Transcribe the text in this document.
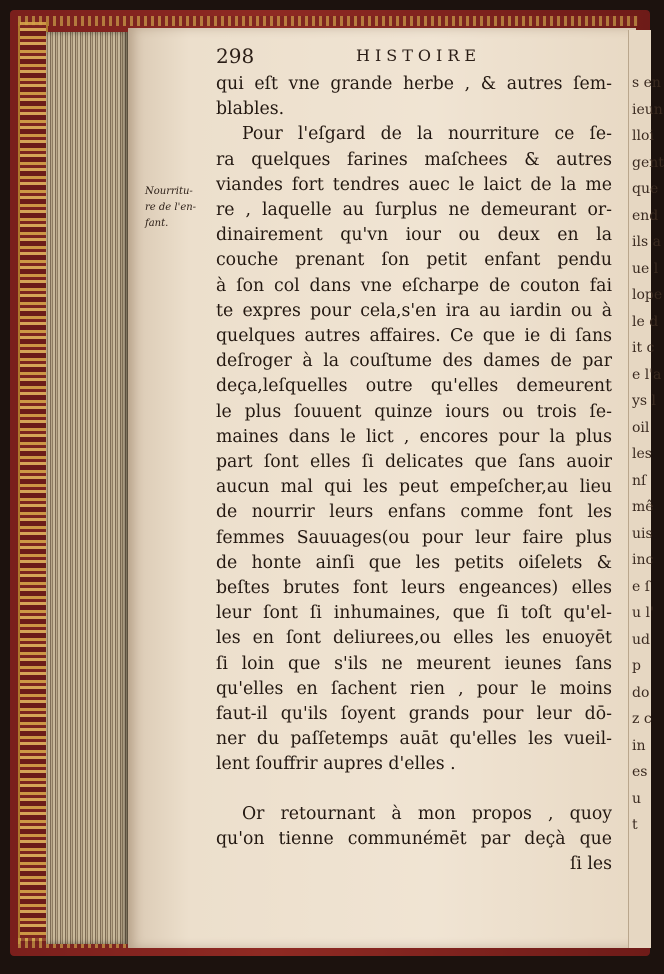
s en
ieun
lloi
gent
que
end
ils a
ue l
lope
le d
it c
e l'a
ys l
oil
les
nſ
mê
uis
inc
e ſ
u l'
ud
p
do
z c
in
es
u
t
298	HISTOIRE
Nourritu-
re de l'en-
fant.
qui eſt vne grande herbe , & autres ſem-
blables.
Pour l'eſgard de la nourriture ce ſe-
ra quelques farines maſchees & autres
viandes fort tendres auec le laict de la me
re , laquelle au ſurplus ne demeurant or-
dinairement qu'vn iour ou deux en la
couche prenant ſon petit enfant pendu
à ſon col dans vne eſcharpe de couton fai
te expres pour cela,s'en ira au iardin ou à
quelques autres affaires. Ce que ie di ſans
deſroger à la couſtume des dames de par
deça,leſquelles outre qu'elles demeurent
le plus ſouuent quinze iours ou trois ſe-
maines dans le lict , encores pour la plus
part ſont elles ſi delicates que ſans auoir
aucun mal qui les peut empeſcher,au lieu
de nourrir leurs enfans comme font les
femmes Sauuages(ou pour leur faire plus
de honte ainſi que les petits oiſelets &
beſtes brutes font leurs engeances) elles
leur ſont ſi inhumaines, que ſi toſt qu'el-
les en ſont deliurees,ou elles les enuoyēt
ſi loin que s'ils ne meurent ieunes ſans
qu'elles en ſachent rien , pour le moins
faut-il qu'ils ſoyent grands pour leur dō-
ner du paſſetemps auāt qu'elles les vueil-
lent ſouffrir aupres d'elles .
Or retournant à mon propos , quoy
qu'on tienne communémēt par deçà que
ſi les
